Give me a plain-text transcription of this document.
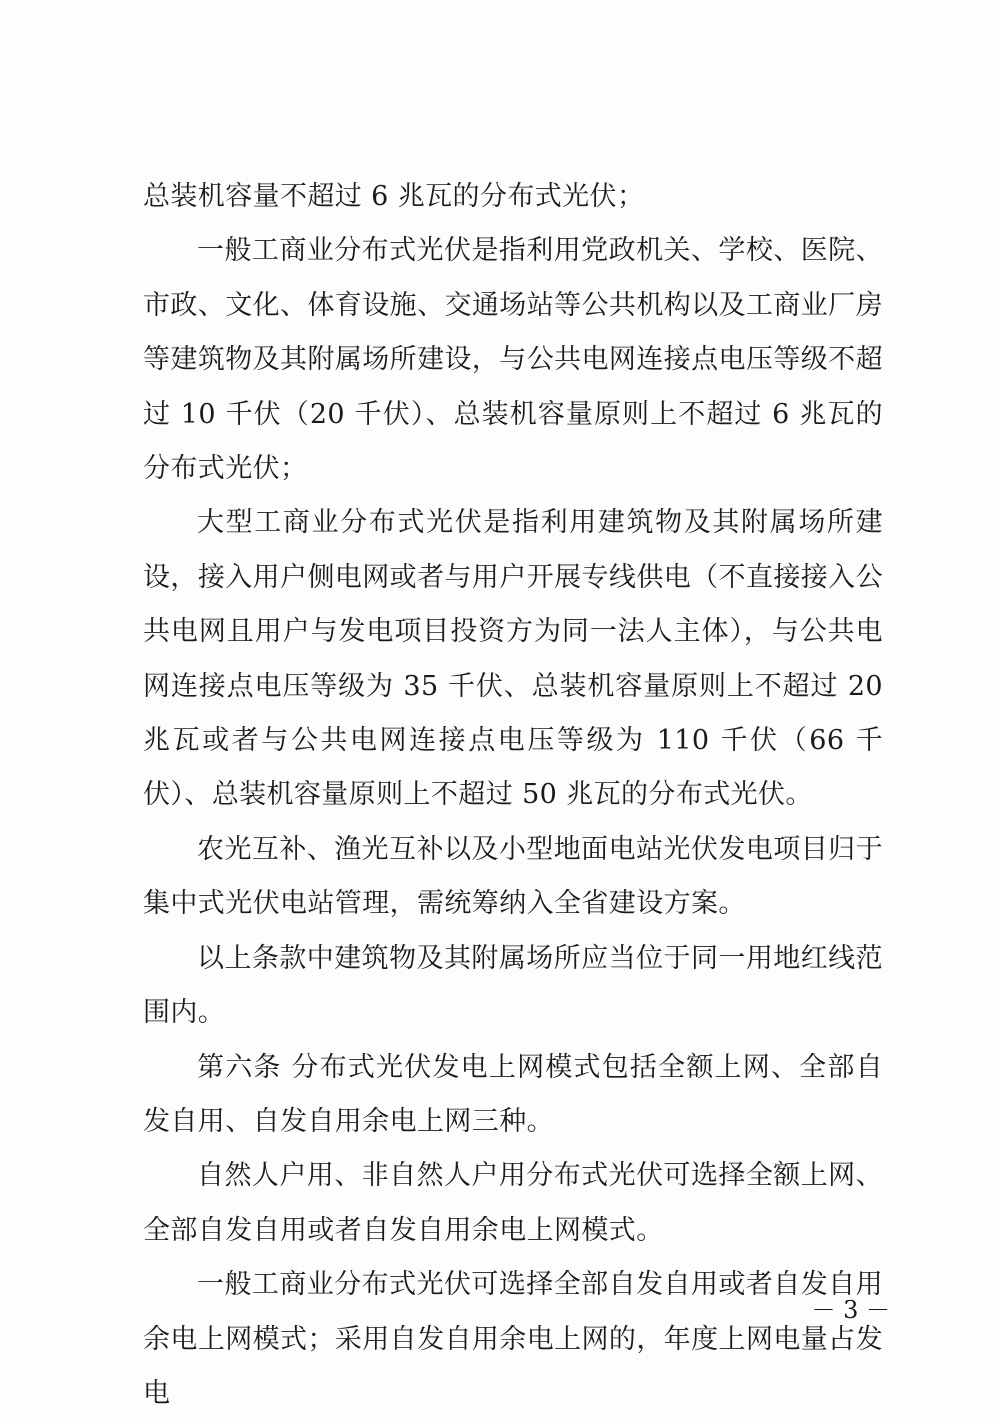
总装机容量不超过 6 兆瓦的分布式光伏；

一般工商业分布式光伏是指利用党政机关、学校、医院、市政、文化、体育设施、交通场站等公共机构以及工商业厂房等建筑物及其附属场所建设，与公共电网连接点电压等级不超过 10 千伏（20 千伏）、总装机容量原则上不超过 6 兆瓦的分布式光伏；

大型工商业分布式光伏是指利用建筑物及其附属场所建设，接入用户侧电网或者与用户开展专线供电（不直接接入公共电网且用户与发电项目投资方为同一法人主体），与公共电网连接点电压等级为 35 千伏、总装机容量原则上不超过 20 兆瓦或者与公共电网连接点电压等级为 110 千伏（66 千伏）、总装机容量原则上不超过 50 兆瓦的分布式光伏。

农光互补、渔光互补以及小型地面电站光伏发电项目归于集中式光伏电站管理，需统筹纳入全省建设方案。

以上条款中建筑物及其附属场所应当位于同一用地红线范围内。

第六条 分布式光伏发电上网模式包括全额上网、全部自发自用、自发自用余电上网三种。

自然人户用、非自然人户用分布式光伏可选择全额上网、全部自发自用或者自发自用余电上网模式。

一般工商业分布式光伏可选择全部自发自用或者自发自用余电上网模式；采用自发自用余电上网的，年度上网电量占发电

－ 3 －
